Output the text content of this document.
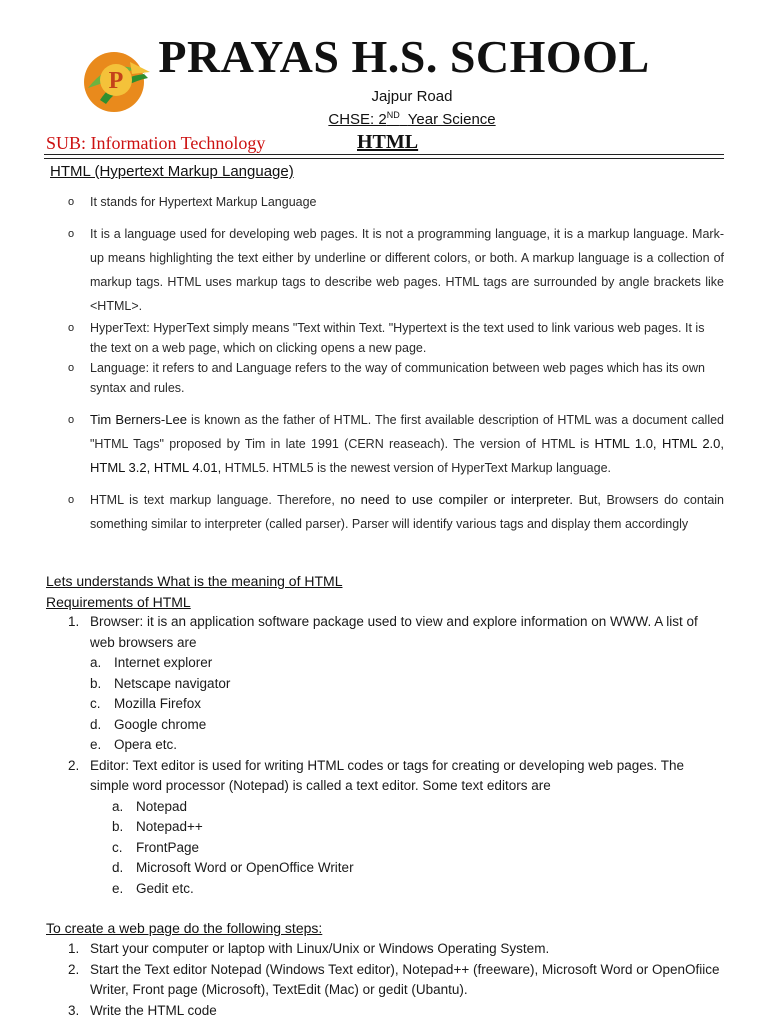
P PRAYAS H.S. SCHOOL
Jajpur Road
CHSE: 2ND Year Science
SUB: Information Technology	HTML
HTML (Hypertext Markup Language)
o It stands for Hypertext Markup Language
o It is a language used for developing web pages. It is not a programming language, it is a markup language. Mark-up means highlighting the text either by underline or different colors, or both. A markup language is a collection of markup tags. HTML uses markup tags to describe web pages. HTML tags are surrounded by angle brackets like <HTML>.
o HyperText: HyperText simply means "Text within Text. "Hypertext is the text used to link various web pages. It is the text on a web page, which on clicking opens a new page.
o Language: it refers to and Language refers to the way of communication between web pages which has its own syntax and rules.
o Tim Berners-Lee is known as the father of HTML. The first available description of HTML was a document called "HTML Tags" proposed by Tim in late 1991 (CERN reaseach). The version of HTML is HTML 1.0, HTML 2.0, HTML 3.2, HTML 4.01, HTML5. HTML5 is the newest version of HyperText Markup language.
o HTML is text markup language. Therefore, no need to use compiler or interpreter. But, Browsers do contain something similar to interpreter (called parser). Parser will identify various tags and display them accordingly
Lets understands What is the meaning of HTML
Requirements of HTML
1. Browser: it is an application software package used to view and explore information on WWW. A list of web browsers are
a. Internet explorer
b. Netscape navigator
c. Mozilla Firefox
d. Google chrome
e. Opera etc.
2. Editor: Text editor is used for writing HTML codes or tags for creating or developing web pages. The simple word processor (Notepad) is called a text editor. Some text editors are
a. Notepad
b. Notepad++
c. FrontPage
d. Microsoft Word or OpenOffice Writer
e. Gedit etc.
To create a web page do the following steps:
1. Start your computer or laptop with Linux/Unix or Windows Operating System.
2. Start the Text editor Notepad (Windows Text editor), Notepad++ (freeware), Microsoft Word or OpenOfiice Writer, Front page (Microsoft), TextEdit (Mac) or gedit (Ubantu).
3. Write the HTML code
